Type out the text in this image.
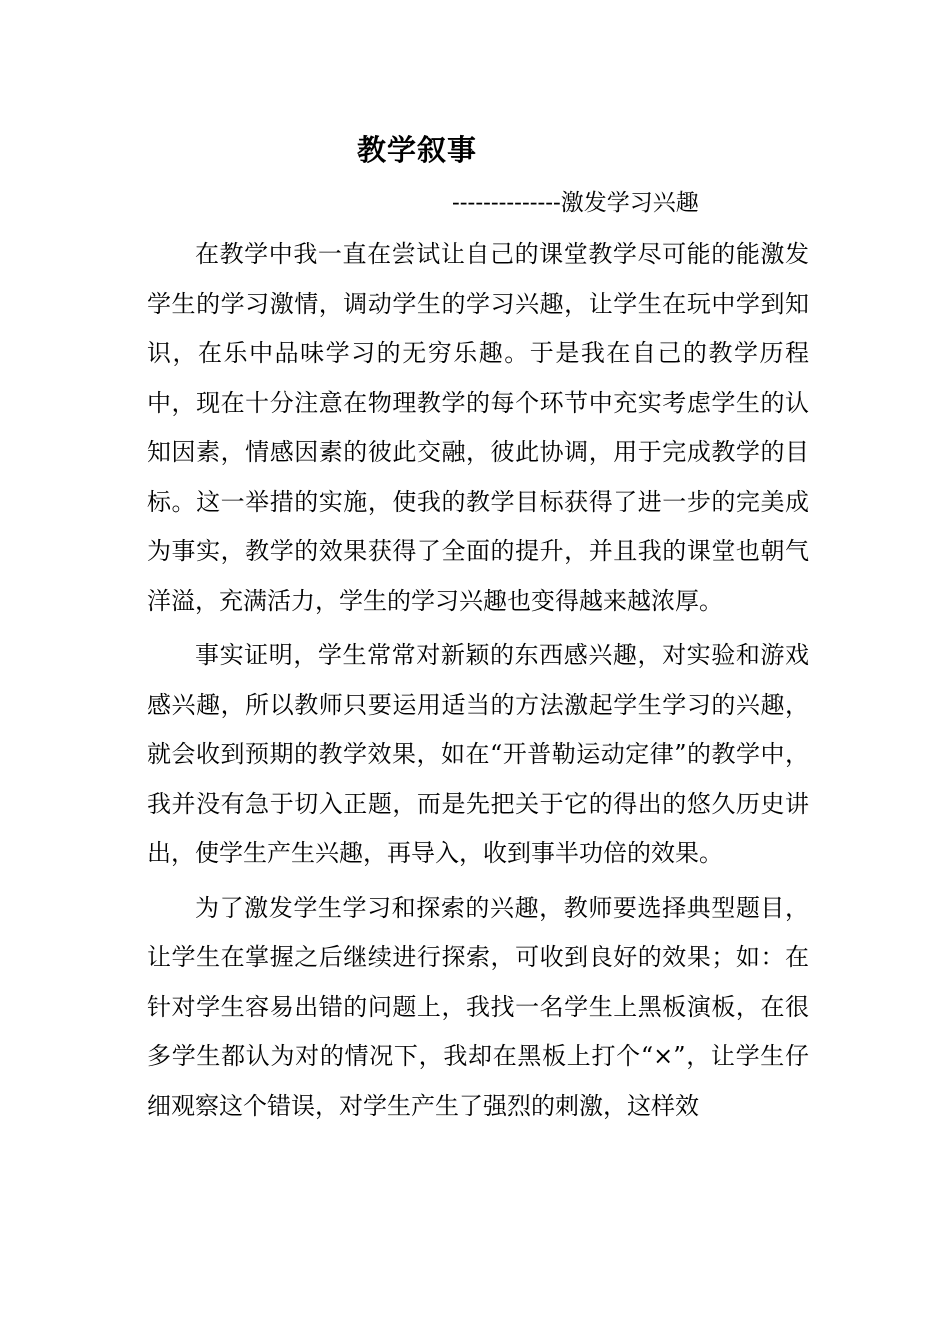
教学叙事

--------------激发学习兴趣

在教学中我一直在尝试让自己的课堂教学尽可能的能激发学生的学习激情，调动学生的学习兴趣，让学生在玩中学到知识，在乐中品味学习的无穷乐趣。于是我在自己的教学历程中，现在十分注意在物理教学的每个环节中充实考虑学生的认知因素，情感因素的彼此交融，彼此协调，用于完成教学的目标。这一举措的实施，使我的教学目标获得了进一步的完美成为事实，教学的效果获得了全面的提升，并且我的课堂也朝气洋溢，充满活力，学生的学习兴趣也变得越来越浓厚。

事实证明，学生常常对新颖的东西感兴趣，对实验和游戏感兴趣，所以教师只要运用适当的方法激起学生学习的兴趣，就会收到预期的教学效果，如在“开普勒运动定律”的教学中，我并没有急于切入正题，而是先把关于它的得出的悠久历史讲出，使学生产生兴趣，再导入，收到事半功倍的效果。

为了激发学生学习和探索的兴趣，教师要选择典型题目，让学生在掌握之后继续进行探索，可收到良好的效果；如：在针对学生容易出错的问题上，我找一名学生上黑板演板，在很多学生都认为对的情况下，我却在黑板上打个“×”，让学生仔细观察这个错误，对学生产生了强烈的刺激，这样效
